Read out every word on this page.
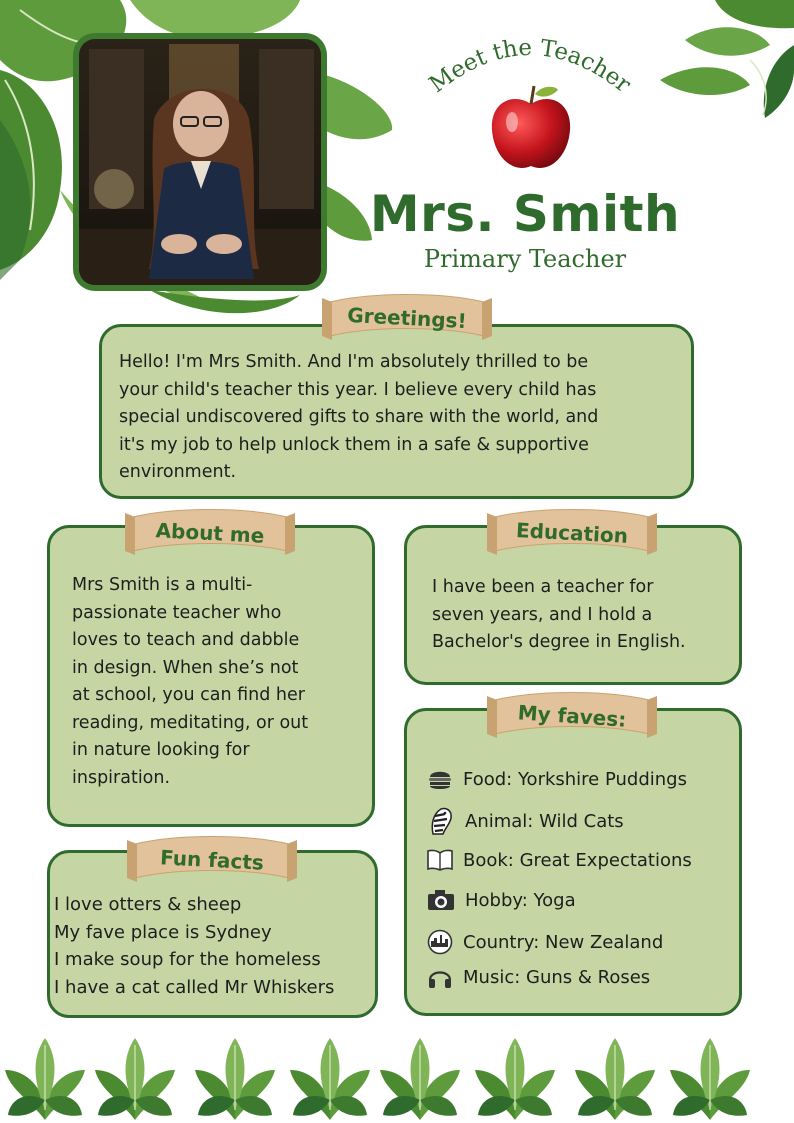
Meet the Teacher
Mrs. Smith
Primary Teacher
Hello! I'm Mrs Smith. And I'm absolutely thrilled to be
your child's teacher this year. I believe every child has
special undiscovered gifts to share with the world, and
it's my job to help unlock them in a safe & supportive
environment.
Greetings!
Mrs Smith is a multi-
passionate teacher who
loves to teach and dabble
in design. When she’s not
at school, you can find her
reading, meditating, or out
in nature looking for
inspiration.
About me
I have been a teacher for
seven years, and I hold a
Bachelor's degree in English.
Education
Food: Yorkshire Puddings
Animal: Wild Cats
Book: Great Expectations
Hobby: Yoga
Country: New Zealand
Music: Guns & Roses
My faves:
I love otters & sheep
My fave place is Sydney
I make soup for the homeless
I have a cat called Mr Whiskers
Fun facts
